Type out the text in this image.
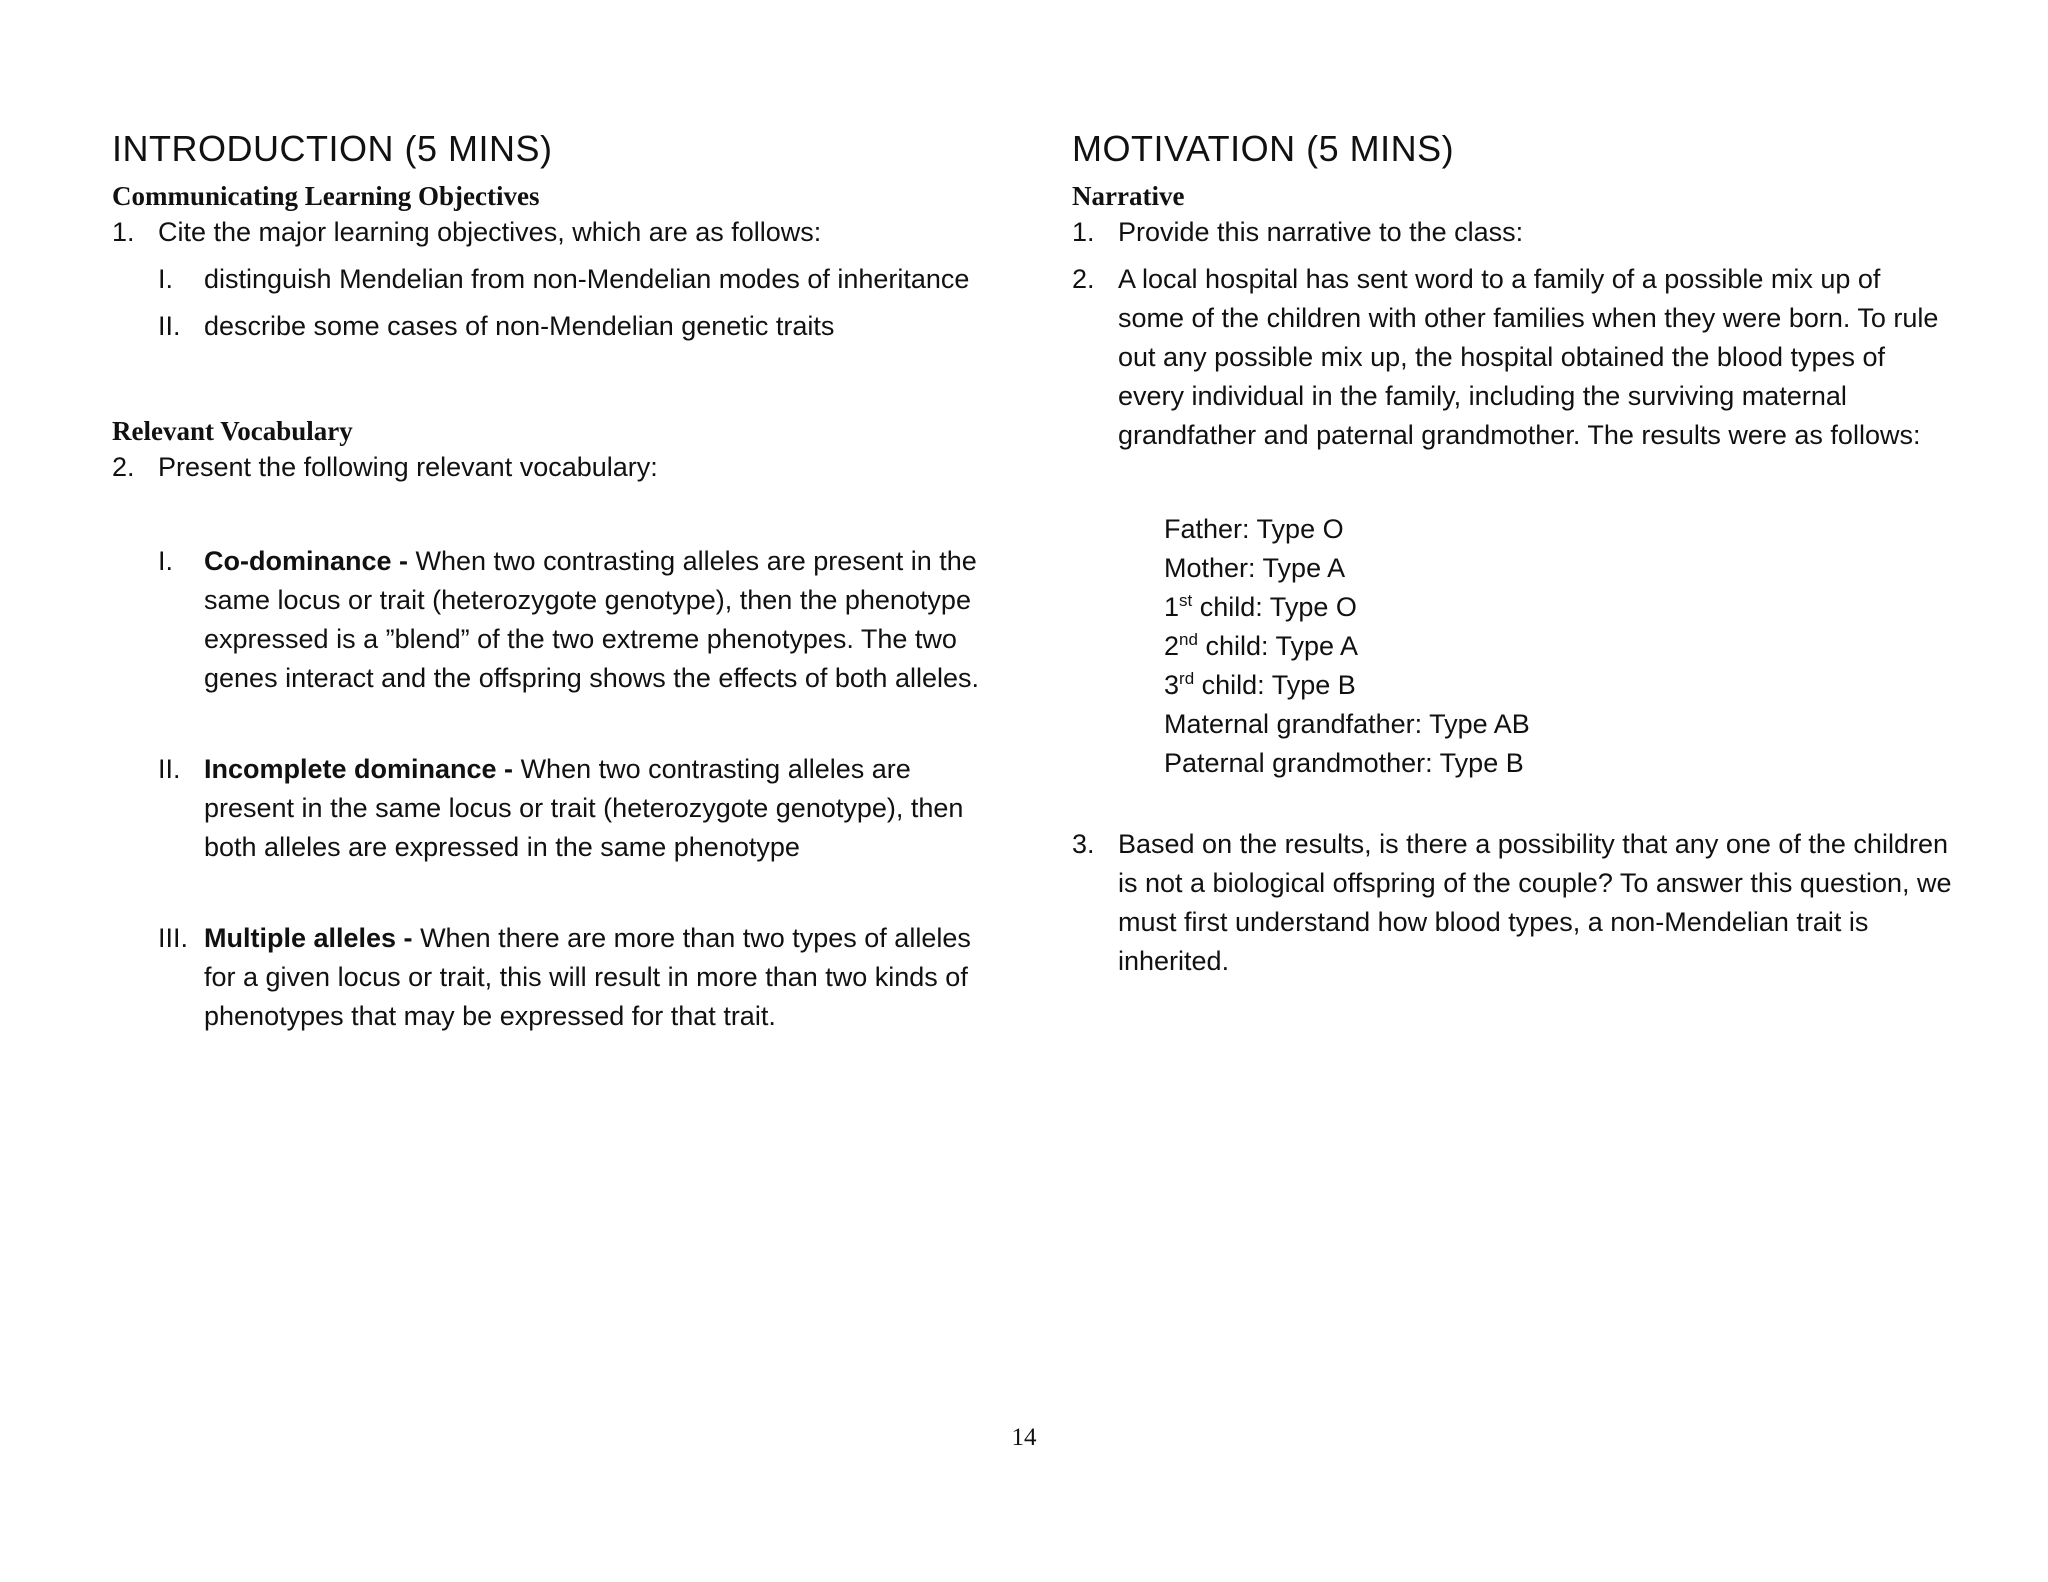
INTRODUCTION (5 MINS)

Communicating Learning Objectives

1. Cite the major learning objectives, which are as follows:
I. distinguish Mendelian from non-Mendelian modes of inheritance
II. describe some cases of non-Mendelian genetic traits

Relevant Vocabulary

2. Present the following relevant vocabulary:
I. Co-dominance - When two contrasting alleles are present in the same locus or trait (heterozygote genotype), then the phenotype expressed is a ”blend” of the two extreme phenotypes. The two genes interact and the offspring shows the effects of both alleles.
II. Incomplete dominance - When two contrasting alleles are present in the same locus or trait (heterozygote genotype), then both alleles are expressed in the same phenotype
III. Multiple alleles - When there are more than two types of alleles for a given locus or trait, this will result in more than two kinds of phenotypes that may be expressed for that trait.
MOTIVATION (5 MINS)

Narrative

1. Provide this narrative to the class:
2. A local hospital has sent word to a family of a possible mix up of some of the children with other families when they were born. To rule out any possible mix up, the hospital obtained the blood types of every individual in the family, including the surviving maternal grandfather and paternal grandmother. The results were as follows:

Father: Type O

Mother: Type A

1st child: Type O

2nd child: Type A

3rd child: Type B

Maternal grandfather: Type AB

Paternal grandmother: Type B

3. Based on the results, is there a possibility that any one of the children is not a biological offspring of the couple? To answer this question, we must first understand how blood types, a non-Mendelian trait is inherited.
14
